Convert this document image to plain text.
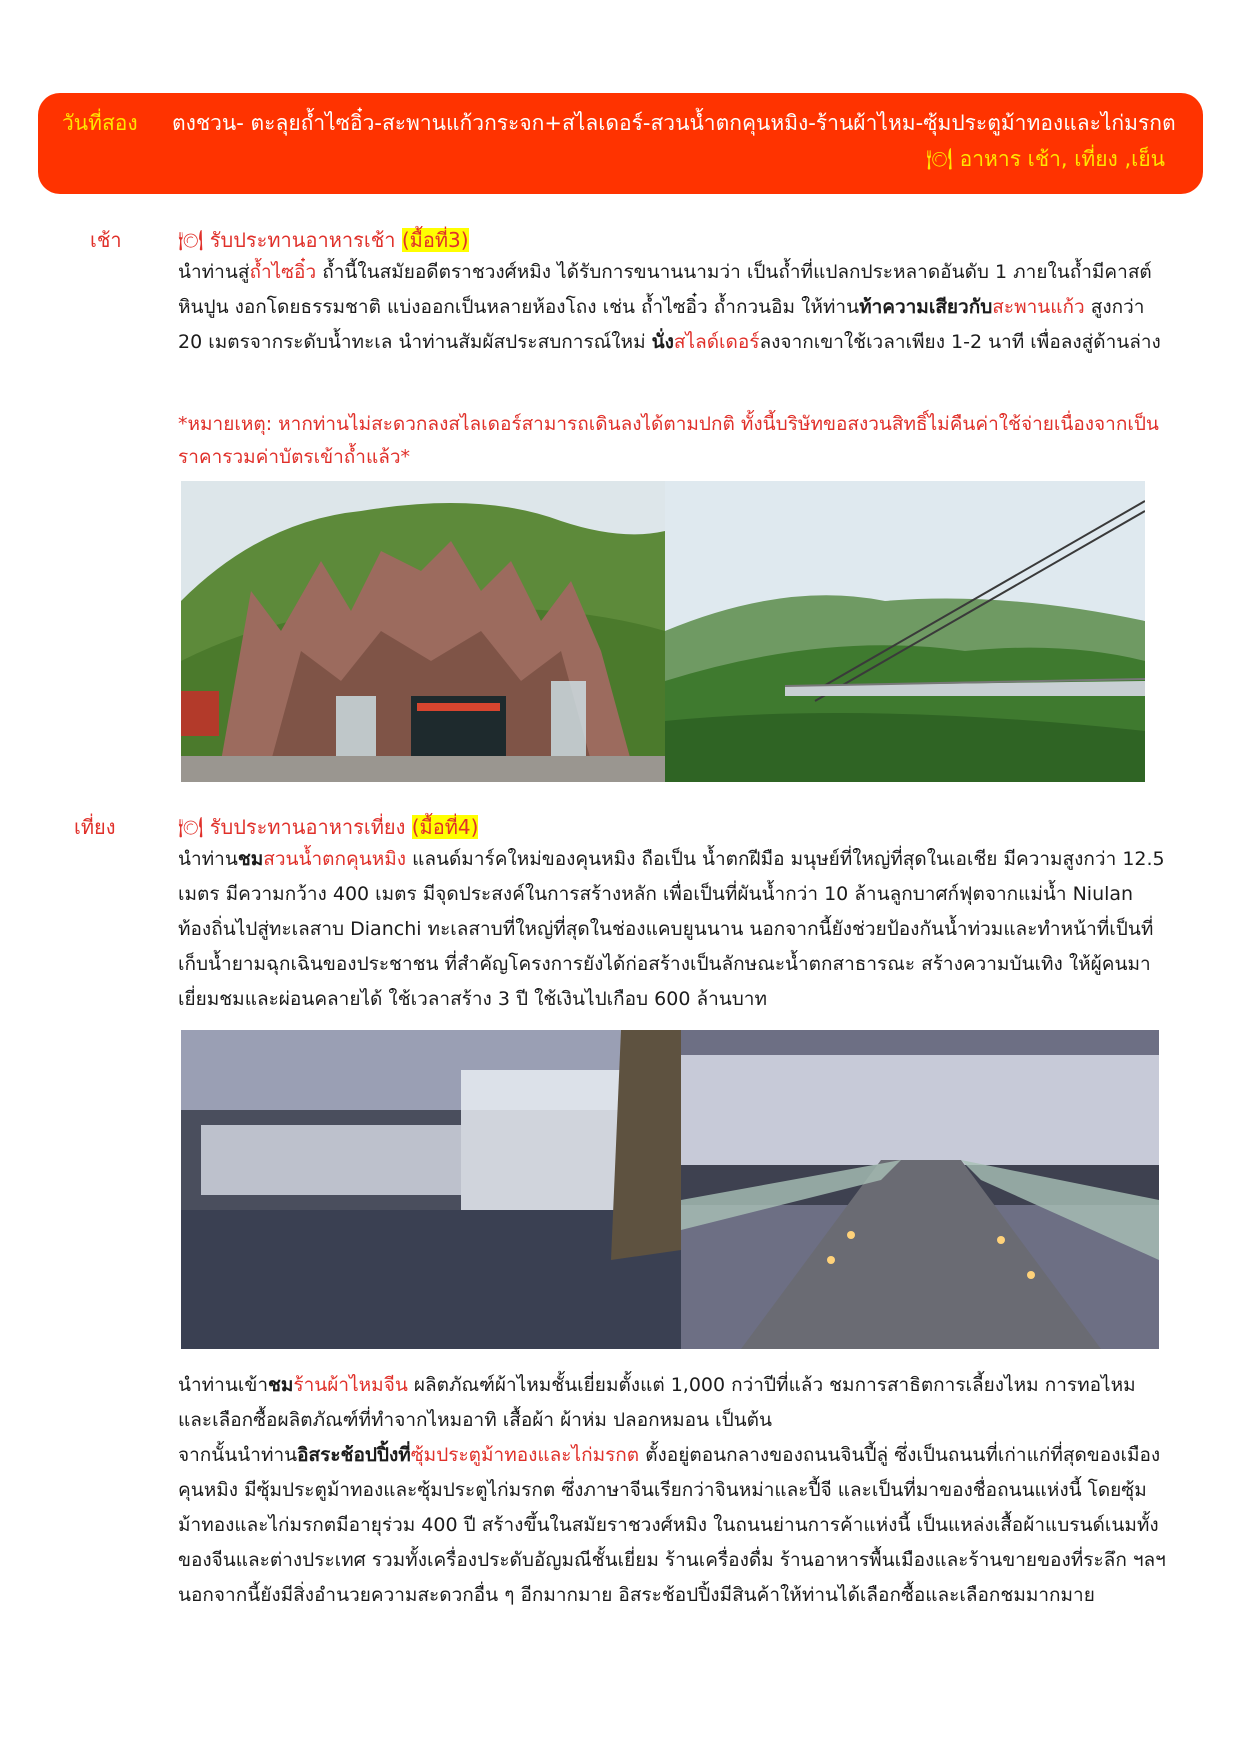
วันที่สอง ตงชวน- ตะลุยถ้ำไซอิ๋ว-สะพานแก้วกระจก+สไลเดอร์-สวนน้ำตกคุนหมิง-ร้านผ้าไหม-ซุ้มประตูม้าทองและไก่มรกต
🍽 อาหาร เช้า, เที่ยง ,เย็น
เช้า	🍽 รับประทานอาหารเช้า (มื้อที่3)
นำท่านสู่ถ้ำไซอิ๋ว ถ้ำนี้ในสมัยอดีตราชวงศ์หมิง ได้รับการขนานนามว่า เป็นถ้ำที่แปลกประหลาดอันดับ 1 ภายในถ้ำมีคาสต์หินปูน งอกโดยธรรมชาติ แบ่งออกเป็นหลายห้องโถง เช่น ถ้ำไซอิ๋ว ถ้ำกวนอิม ให้ท่านท้าความเสียวกับสะพานแก้ว สูงกว่า 20 เมตรจากระดับน้ำทะเล นำท่านสัมผัสประสบการณ์ใหม่ นั่งสไลด์เดอร์ลงจากเขาใช้เวลาเพียง 1-2 นาที เพื่อลงสู่ด้านล่าง
*หมายเหตุ: หากท่านไม่สะดวกลงสไลเดอร์สามารถเดินลงได้ตามปกติ ทั้งนี้บริษัทขอสงวนสิทธิ์ไม่คืนค่าใช้จ่ายเนื่องจากเป็นราคารวมค่าบัตรเข้าถ้ำแล้ว*
เที่ยง	🍽 รับประทานอาหารเที่ยง (มื้อที่4)
นำท่านชมสวนน้ำตกคุนหมิง แลนด์มาร์คใหม่ของคุนหมิง ถือเป็น น้ำตกฝีมือ มนุษย์ที่ใหญ่ที่สุดในเอเชีย มีความสูงกว่า 12.5 เมตร มีความกว้าง 400 เมตร มีจุดประสงค์ในการสร้างหลัก เพื่อเป็นที่ผันน้ำกว่า 10 ล้านลูกบาศก์ฟุตจากแม่น้ำ Niulan ท้องถิ่นไปสู่ทะเลสาบ Dianchi ทะเลสาบที่ใหญ่ที่สุดในช่องแคบยูนนาน นอกจากนี้ยังช่วยป้องกันน้ำท่วมและทำหน้าที่เป็นที่เก็บน้ำยามฉุกเฉินของประชาชน ที่สำคัญโครงการยังได้ก่อสร้างเป็นลักษณะน้ำตกสาธารณะ สร้างความบันเทิง ให้ผู้คนมาเยี่ยมชมและผ่อนคลายได้ ใช้เวลาสร้าง 3 ปี ใช้เงินไปเกือบ 600 ล้านบาท
นำท่านเข้าชมร้านผ้าไหมจีน ผลิตภัณฑ์ผ้าไหมชั้นเยี่ยมตั้งแต่ 1,000 กว่าปีที่แล้ว ชมการสาธิตการเลี้ยงไหม การทอไหม และเลือกซื้อผลิตภัณฑ์ที่ทำจากไหมอาทิ เสื้อผ้า ผ้าห่ม ปลอกหมอน เป็นต้น
จากนั้นนำท่านอิสระช้อปปิ้งที่ซุ้มประตูม้าทองและไก่มรกต ตั้งอยู่ตอนกลางของถนนจินปี้ลู่ ซึ่งเป็นถนนที่เก่าแก่ที่สุดของเมืองคุนหมิง มีซุ้มประตูม้าทองและซุ้มประตูไก่มรกต ซึ่งภาษาจีนเรียกว่าจินหม่าและปี้จี และเป็นที่มาของชื่อถนนแห่งนี้ โดยซุ้มม้าทองและไก่มรกตมีอายุร่วม 400 ปี สร้างขึ้นในสมัยราชวงศ์หมิง ในถนนย่านการค้าแห่งนี้ เป็นแหล่งเสื้อผ้าแบรนด์เนมทั้งของจีนและต่างประเทศ รวมทั้งเครื่องประดับอัญมณีชั้นเยี่ยม ร้านเครื่องดื่ม ร้านอาหารพื้นเมืองและร้านขายของที่ระลึก ฯลฯ นอกจากนี้ยังมีสิ่งอำนวยความสะดวกอื่น ๆ อีกมากมาย อิสระช้อปปิ้งมีสินค้าให้ท่านได้เลือกซื้อและเลือกชมมากมาย
